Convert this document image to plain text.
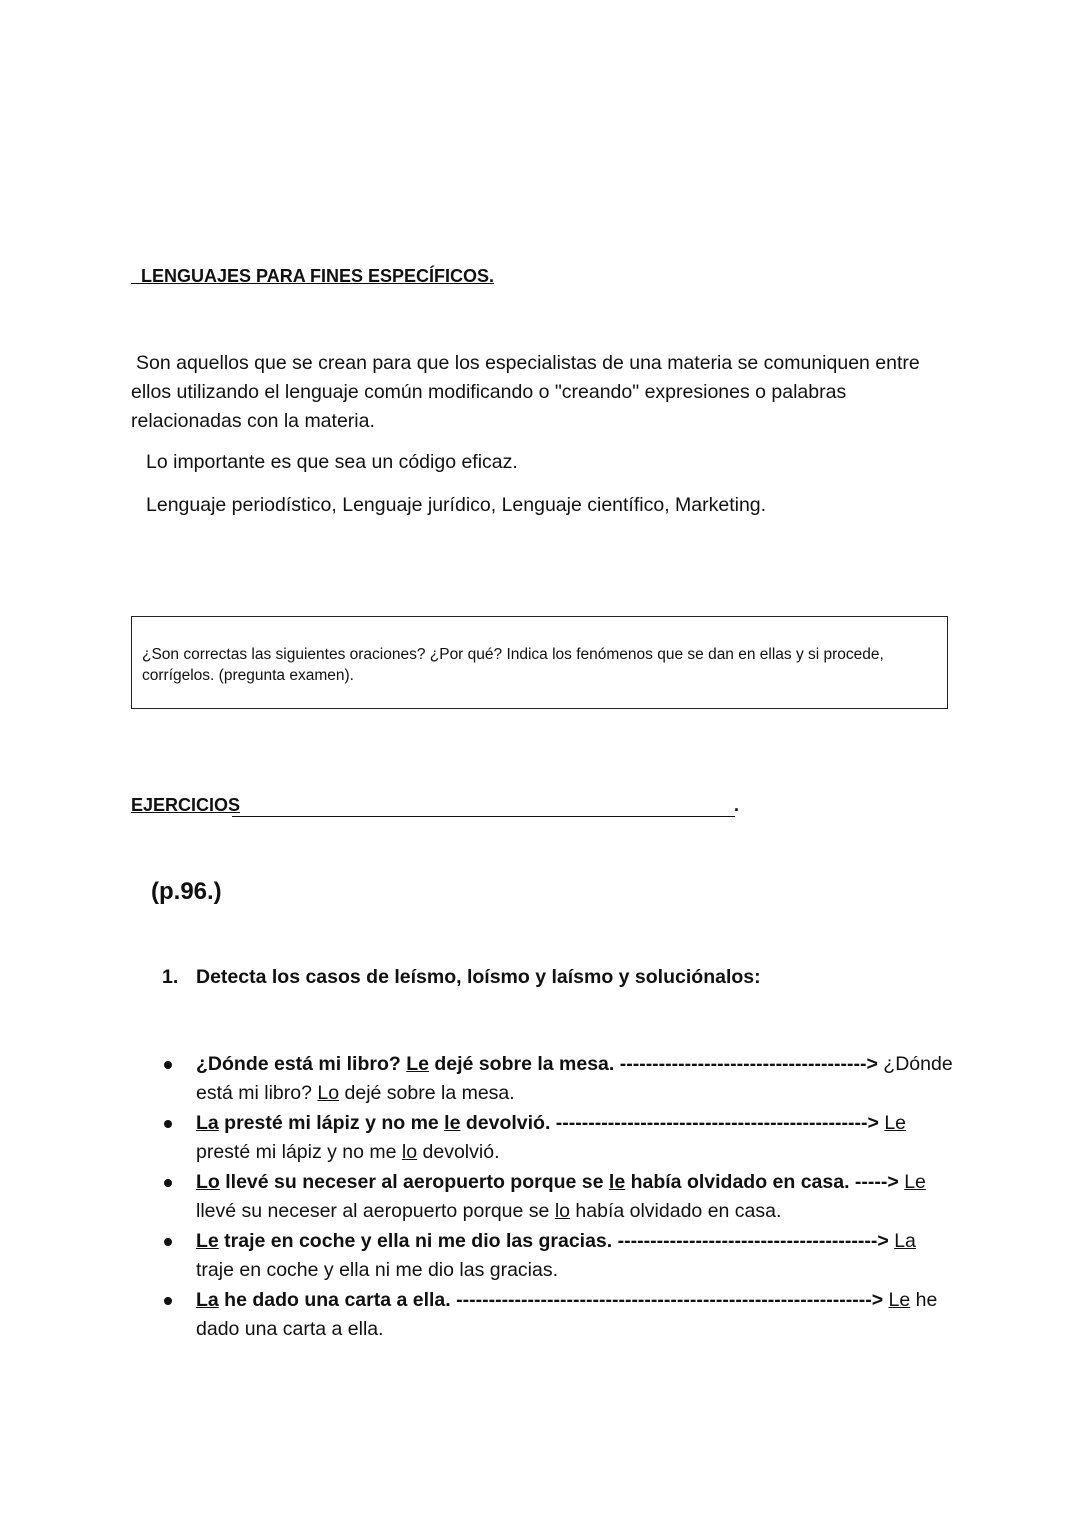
LENGUAJES PARA FINES ESPECÍFICOS.
Son aquellos que se crean para que los especialistas de una materia se comuniquen entre ellos utilizando el lenguaje común modificando o "creando" expresiones o palabras relacionadas con la materia.
Lo importante es que sea un código eficaz.
Lenguaje periodístico, Lenguaje jurídico, Lenguaje científico, Marketing.
¿Son correctas las siguientes oraciones? ¿Por qué? Indica los fenómenos que se dan en ellas y si procede, corrígelos. (pregunta examen).
EJERCICIOS	.
(p.96.)
1. Detecta los casos de leísmo, loísmo y laísmo y soluciónalos:
¿Dónde está mi libro? Le dejé sobre la mesa. --------------------------------------> ¿Dónde está mi libro? Lo dejé sobre la mesa.
La presté mi lápiz y no me le devolvió. ------------------------------------------------> Le presté mi lápiz y no me lo devolvió.
Lo llevé su neceser al aeropuerto porque se le había olvidado en casa. -----> Le llevé su neceser al aeropuerto porque se lo había olvidado en casa.
Le traje en coche y ella ni me dio las gracias. ----------------------------------------> La traje en coche y ella ni me dio las gracias.
La he dado una carta a ella. ----------------------------------------------------------------> Le he dado una carta a ella.
